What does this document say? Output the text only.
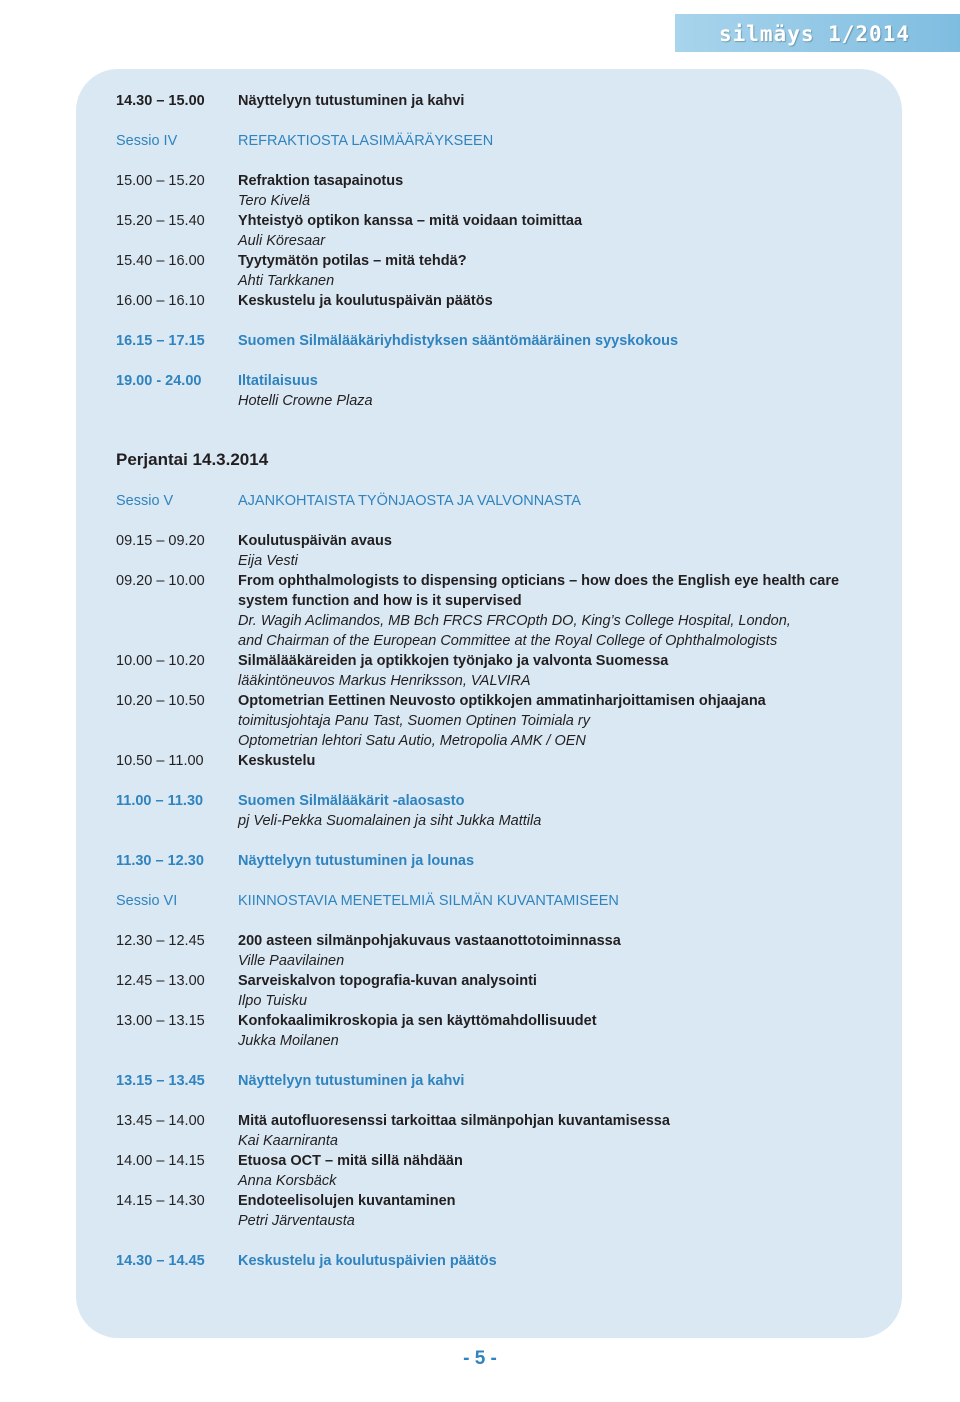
silmäys 1/2014
Perjantai 14.3.2014
14.30 – 15.00 Näyttelyyn tutustuminen ja kahvi
Sessio IV	REFRAKTIOSTA LASIMÄÄRÄYKSEEN
15.00 – 15.20 Refraktion tasapainotus
Tero Kivelä
15.20 – 15.40 Yhteistyö optikon kanssa – mitä voidaan toimittaa
Auli Köresaar
15.40 – 16.00 Tyytymätön potilas – mitä tehdä?
Ahti Tarkkanen
16.00 – 16.10 Keskustelu ja koulutuspäivän päätös
16.15 – 17.15 Suomen Silmälääkäriyhdistyksen sääntömääräinen syyskokous
19.00 - 24.00	Iltatilaisuus
Hotelli Crowne Plaza
Sessio V	AJANKOHTAISTA TYÖNJAOSTA JA VALVONNASTA
09.15 – 09.20 Koulutuspäivän avaus
Eija Vesti
09.20 – 10.00 From ophthalmologists to dispensing opticians – how does the English eye health care
system function and how is it supervised
Dr. Wagih Aclimandos, MB Bch FRCS FRCOpth DO, King’s College Hospital, London,
and Chairman of the European Committee at the Royal College of Ophthalmologists
10.00 – 10.20 Silmälääkäreiden ja optikkojen työnjako ja valvonta Suomessa
lääkintöneuvos Markus Henriksson, VALVIRA
10.20 – 10.50 Optometrian Eettinen Neuvosto optikkojen ammatinharjoittamisen ohjaajana
toimitusjohtaja Panu Tast, Suomen Optinen Toimiala ry
Optometrian lehtori Satu Autio, Metropolia AMK / OEN
10.50 – 11.00 Keskustelu
11.00 – 11.30 Suomen Silmälääkärit -alaosasto
pj Veli-Pekka Suomalainen ja siht Jukka Mattila
11.30 – 12.30 Näyttelyyn tutustuminen ja lounas
Sessio VI	KIINNOSTAVIA MENETELMIÄ SILMÄN KUVANTAMISEEN
12.30 – 12.45 200 asteen silmänpohjakuvaus vastaanottotoiminnassa
Ville Paavilainen
12.45 – 13.00 Sarveiskalvon topografia-kuvan analysointi
Ilpo Tuisku
13.00 – 13.15 Konfokaalimikroskopia ja sen käyttömahdollisuudet
Jukka Moilanen
13.15 – 13.45 Näyttelyyn tutustuminen ja kahvi
13.45 – 14.00 Mitä autofluoresenssi tarkoittaa silmänpohjan kuvantamisessa
Kai Kaarniranta
14.00 – 14.15 Etuosa OCT – mitä sillä nähdään
Anna Korsbäck
14.15 – 14.30 Endoteelisolujen kuvantaminen
Petri Järventausta
14.30 – 14.45 Keskustelu ja koulutuspäivien päätös
- 5 -
